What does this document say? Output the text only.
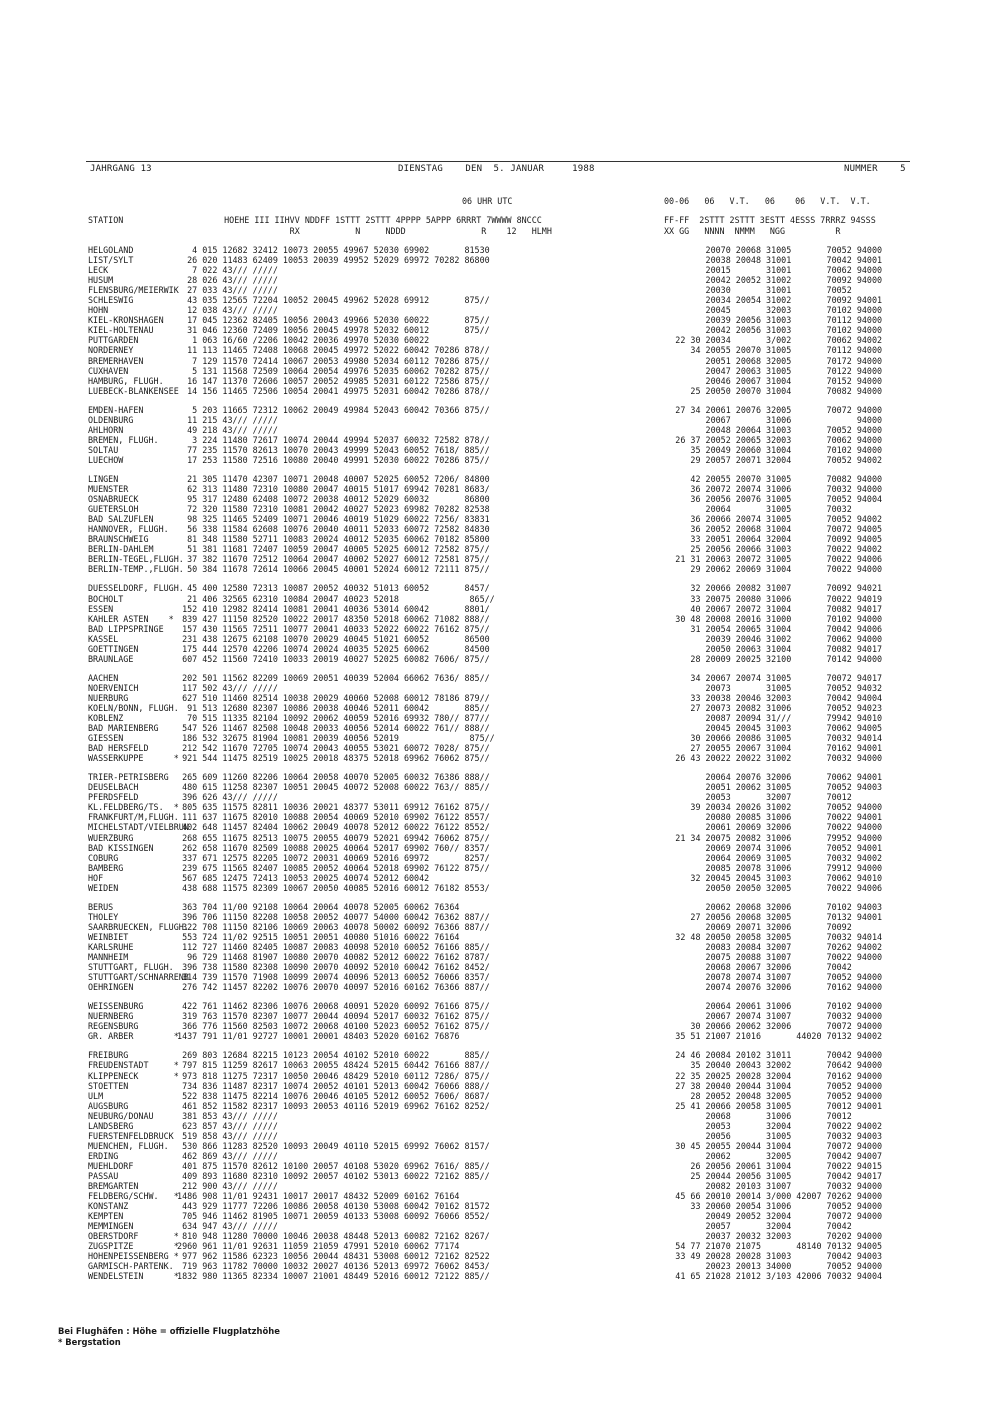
JAHRGANG 13	DIENSTAG    DEN  5. JANUAR     1988	NUMMER    5
06 UHR UTC
STATION                    HOEHE III IIHVV NDDFF 1STTT 2STTT 4PPPP 5APPP 6RRRT 7WWWW 8NCCC
RX           N     NDDD               R    12   HLMH
00-06   06   V.T.   06    06   V.T.  V.T.
FF-FF  2STTT 2STTT 3ESTT 4ESSS 7RRRZ 94SSS
XX GG   NNNN  NMMM   NGG          R
HELGOLAND
LIST/SYLT
LECK
HUSUM
FLENSBURG/MEIERWIK
SCHLESWIG
HOHN
KIEL-KRONSHAGEN
KIEL-HOLTENAU
PUTTGARDEN
NORDERNEY
BREMERHAVEN
CUXHAVEN
HAMBURG, FLUGH.
LUEBECK-BLANKENSEE
EMDEN-HAFEN
OLDENBURG
AHLHORN
BREMEN, FLUGH.
SOLTAU
LUECHOW
LINGEN
MUENSTER
OSNABRUECK
GUETERSLOH
BAD SALZUFLEN
HANNOVER, FLUGH.
BRAUNSCHWEIG
BERLIN-DAHLEM
BERLIN-TEGEL,FLUGH.
BERLIN-TEMP.,FLUGH.
DUESSELDORF, FLUGH.
BOCHOLT
ESSEN
KAHLER ASTEN    *
BAD LIPPSPRINGE
KASSEL
GOETTINGEN
BRAUNLAGE
AACHEN
NOERVENICH
NUERBURG
KOELN/BONN, FLUGH.
KOBLENZ
BAD MARIENBERG
GIESSEN
BAD HERSFELD
WASSERKUPPE      *
TRIER-PETRISBERG
DEUSELBACH
PFERDSFELD
KL.FELDBERG/TS.  *
FRANKFURT/M,FLUGH.
MICHELSTADT/VIELBRUN
WUERZBURG
BAD KISSINGEN
COBURG
BAMBERG
HOF
WEIDEN
BERUS
THOLEY
SAARBRUECKEN, FLUGH.
WEINBIET
KARLSRUHE
MANNHEIM
STUTTGART, FLUGH.
STUTTGART/SCHNARRENB
OEHRINGEN
WEISSENBURG
NUERNBERG
REGENSBURG
GR. ARBER        *
FREIBURG
FREUDENSTADT     *
KLIPPENECK       *
STOETTEN
ULM
AUGSBURG
NEUBURG/DONAU
LANDSBERG
FUERSTENFELDBRUCK
MUENCHEN, FLUGH.
ERDING
MUEHLDORF
PASSAU
BREMGARTEN
FELDBERG/SCHW.   *
KONSTANZ
KEMPTEN
MEMMINGEN
OBERSTDORF       *
ZUGSPITZE        *
HOHENPEISSENBERG *
GARMISCH-PARTENK.
WENDELSTEIN      *
4 015 12682 32412 10073 20055 49967 52030 69902       81530
26 020 11483 62409 10053 20039 49952 52029 69972 70282 86800
7 022 43/// /////
28 026 43/// /////
27 033 43/// /////
43 035 12565 72204 10052 20045 49962 52028 69912       875//
12 038 43/// /////
17 045 12362 82405 10056 20043 49966 52030 60022       875//
31 046 12360 72409 10056 20045 49978 52032 60012       875//
1 063 16/60 /2206 10042 20036 49970 52030 60022
11 113 11465 72408 10068 20045 49972 52022 60042 70286 878//
7 129 11570 72414 10067 20053 49980 52034 60112 70286 875//
5 131 11568 72509 10064 20054 49976 52035 60062 70282 875//
16 147 11370 72606 10057 20052 49985 52031 60122 72586 875//
14 156 11465 72506 10054 20041 49975 52031 60042 70286 878//
5 203 11665 72312 10062 20049 49984 52043 60042 70366 875//
11 215 43/// /////
49 218 43/// /////
3 224 11480 72617 10074 20044 49994 52037 60032 72582 878//
77 235 11570 82613 10070 20043 49999 52043 60052 7618/ 885//
17 253 11580 72516 10080 20040 49991 52030 60022 70286 875//
21 305 11470 42307 10071 20048 40007 52025 60052 7206/ 84800
62 313 11480 72310 10080 20047 40015 51017 69942 70281 8683/
95 317 12480 62408 10072 20038 40012 52029 60032       86800
72 320 11580 72310 10081 20042 40027 52023 69982 70282 82538
98 325 11465 52409 10071 20046 40019 51029 60022 7256/ 83831
56 338 11584 62608 10076 20040 40011 52033 60072 72582 84830
81 348 11580 52711 10083 20024 40012 52035 60062 70182 85800
51 381 11681 72407 10059 20047 40005 52025 60012 72582 875//
37 382 11670 72512 10064 20047 40002 52027 60012 72581 875//
50 384 11678 72614 10066 20045 40001 52024 60012 72111 875//
45 400 12580 72313 10087 20052 40032 51013 60052       8457/
21 406 32565 62310 10084 20047 40023 52018              865//
152 410 12982 82414 10081 20041 40036 53014 60042       8801/
839 427 11150 82520 10022 20017 48350 52018 60062 71082 888//
157 430 11565 72511 10077 20041 40033 52022 60022 76162 875//
231 438 12675 62108 10070 20029 40045 51021 60052       86500
175 444 12570 42206 10074 20024 40035 52025 60062       84500
607 452 11560 72410 10033 20019 40027 52025 60082 7606/ 875//
202 501 11562 82209 10069 20051 40039 52004 66062 7636/ 885//
117 502 43/// /////
627 510 11460 82514 10038 20029 40060 52008 60012 78186 879//
91 513 12680 82307 10086 20038 40046 52011 60042       885//
70 515 11335 82104 10092 20062 40059 52016 69932 780// 877//
547 526 11467 82508 10048 20033 40056 52014 60022 761// 888//
186 532 32675 81904 10081 20039 40056 52019              875//
212 542 11670 72705 10074 20043 40055 53021 60072 7028/ 875//
921 544 11475 82519 10025 20018 48375 52018 69962 76062 875//
265 609 11260 82206 10064 20058 40070 52005 60032 76386 888//
480 615 11258 82307 10051 20045 40072 52008 60022 763// 885//
396 626 43/// /////
805 635 11575 82811 10036 20021 48377 53011 69912 76162 875//
111 637 11675 82010 10088 20054 40069 52010 69902 76122 8557/
402 648 11457 82404 10062 20049 40078 52012 60022 76122 8552/
268 655 11675 82513 10075 20055 40079 52021 69942 76062 875//
262 658 11670 82509 10088 20025 40064 52017 69902 760// 8357/
337 671 12575 82205 10072 20031 40069 52016 69972       8257/
239 675 11565 82407 10085 20052 40064 52018 69902 76122 875//
567 685 12475 72413 10053 20025 40074 52012 60042
438 688 11575 82309 10067 20050 40085 52016 60012 76182 8553/
363 704 11/00 92108 10064 20064 40078 52005 60062 76364
396 706 11150 82208 10058 20052 40077 54000 60042 76362 887//
322 708 11150 82106 10069 20063 40078 50002 60092 76366 887//
553 724 11/02 92515 10051 20051 40080 51016 60022 76164
112 727 11460 82405 10087 20083 40098 52010 60052 76166 885//
96 729 11468 81907 10080 20070 40082 52012 60022 76162 8787/
396 738 11580 82308 10090 20070 40092 52010 60042 76162 8452/
314 739 11570 71908 10099 20074 40096 52013 60052 76066 8357/
276 742 11457 82202 10076 20070 40097 52016 60162 76366 887//
422 761 11462 82306 10076 20068 40091 52020 60092 76166 875//
319 763 11570 82307 10077 20044 40094 52017 60032 76162 875//
366 776 11560 82503 10072 20068 40100 52023 60052 76162 875//
1437 791 11/01 92727 10001 20001 48403 52020 60162 76876
269 803 12684 82215 10123 20054 40102 52010 60022       885//
797 815 11259 82617 10063 20055 48424 52015 60442 76166 887//
973 818 11275 72317 10050 20046 48429 52010 60112 7286/ 875//
734 836 11487 82317 10074 20052 40101 52013 60042 76066 888//
522 838 11475 82214 10076 20046 40105 52012 60052 7606/ 8687/
461 852 11582 82317 10093 20053 40116 52019 69962 76162 8252/
381 853 43/// /////
623 857 43/// /////
519 858 43/// /////
530 866 11283 82520 10093 20049 40110 52015 69992 76062 8157/
462 869 43/// /////
401 875 11570 82612 10100 20057 40108 53020 69962 7616/ 885//
409 893 11680 82310 10092 20057 40102 53013 60022 72162 885//
212 900 43/// /////
1486 908 11/01 92431 10017 20017 48432 52009 60162 76164
443 929 11777 72206 10086 20058 40130 53008 60042 70162 81572
705 946 11462 81905 10071 20059 40133 53008 60092 76066 8552/
634 947 43/// /////
810 948 11280 70000 10046 20038 48448 52013 60082 72162 8267/
2960 961 11/01 92631 11059 21059 47991 52010 60062 77174
977 962 11586 62323 10056 20044 48431 53008 60012 72162 82522
719 963 11782 70000 10032 20027 40136 52013 69972 76062 8453/
1832 980 11365 82334 10007 21001 48449 52016 60012 72122 885//
20070 20068 31005       70052 94000
20038 20048 31001       70042 94001
20015       31001       70062 94000
20042 20052 31002       70092 94000
20030       31001       70052
20034 20054 31002       70092 94001
20045       32003       70102 94000
20039 20056 31003       70112 94000
20042 20056 31003       70102 94000
22 30 20034       3/002       70062 94002
34 20055 20070 31005       70112 94000
20051 20068 32005       70172 94000
20047 20063 31005       70122 94000
20046 20067 31004       70152 94000
25 20050 20070 31004       70082 94000
27 34 20061 20076 32005       70072 94000
20067       31006             94000
20048 20064 31003       70052 94000
26 37 20052 20065 32003       70062 94000
35 20049 20060 31004       70102 94000
29 20057 20071 32004       70052 94002
42 20055 20070 31005       70082 94000
36 20072 20074 31006       70032 94000
36 20056 20076 31005       70052 94004
20064       31005       70032
36 20066 20074 31005       70052 94002
36 20052 20068 31004       70072 94005
33 20051 20064 32004       70092 94005
25 20056 20066 31003       70022 94002
21 31 20063 20072 31005       70022 94006
29 20062 20069 31004       70022 94000
32 20066 20082 31007       70092 94021
33 20075 20080 31006       70022 94019
40 20067 20072 31004       70082 94017
30 48 20008 20016 31000       70102 94000
31 20054 20065 31004       70042 94006
20039 20046 31002       70062 94000
20050 20063 31004       70082 94017
28 20009 20025 32100       70142 94000
34 20067 20074 31005       70072 94017
20073       31005       70052 94032
33 20038 20046 32003       70042 94004
27 20073 20082 31006       70052 94023
20087 20094 31///       79942 94010
20045 20045 31003       70062 94005
30 20066 20086 31005       70032 94014
27 20055 20067 31004       70162 94001
26 43 20022 20022 31002       70032 94000
20064 20076 32006       70062 94001
20051 20062 31005       70052 94003
20053       32007       70012
39 20034 20026 31002       70052 94000
20080 20085 31006       70022 94001
20061 20069 32006       70022 94000
21 34 20075 20082 31006       79952 94000
20069 20074 31006       70052 94001
20064 20069 31005       70032 94002
20085 20078 31006       79912 94000
32 20045 20045 31003       70062 94010
20050 20050 32005       70022 94006
20062 20068 32006       70102 94003
27 20056 20068 32005       70132 94001
20069 20071 32006       70092
32 48 20050 20058 32005       70032 94014
20083 20084 32007       70262 94002
20075 20088 31007       70022 94000
20068 20067 32006       70042
20078 20074 31007       70052 94000
20074 20076 32006       70162 94000
20064 20061 31006       70102 94000
20067 20074 31007       70032 94000
30 20066 20062 32006       70072 94000
35 51 21007 21016       44020 70132 94002
24 46 20084 20102 31011       70042 94000
35 20040 20043 32002       70642 94000
22 35 20025 20028 32004       70162 94000
27 38 20040 20044 31004       70052 94000
28 20052 20048 32005       70052 94000
25 41 20066 20058 31005       70012 94001
20068       31006       70012
20053       32004       70022 94002
20056       31005       70032 94003
30 45 20055 20044 31004       70072 94000
20062       32005       70042 94007
26 20056 20061 31004       70022 94015
25 20044 20056 31005       70042 94017
20082 20103 31007       70032 94000
45 66 20010 20014 3/000 42007 70262 94000
33 20060 20054 31006       70052 94000
20049 20052 32004       70072 94000
20057       32004       70042
20037 20032 32003       70202 94000
54 77 21070 21075       48140 70132 94005
33 49 20028 20028 31003       70042 94003
20023 20013 34000       70052 94000
41 65 21028 21012 3/103 42006 70032 94004
Bei Flughäfen : Höhe = offizielle Flugplatzhöhe
* Bergstation
